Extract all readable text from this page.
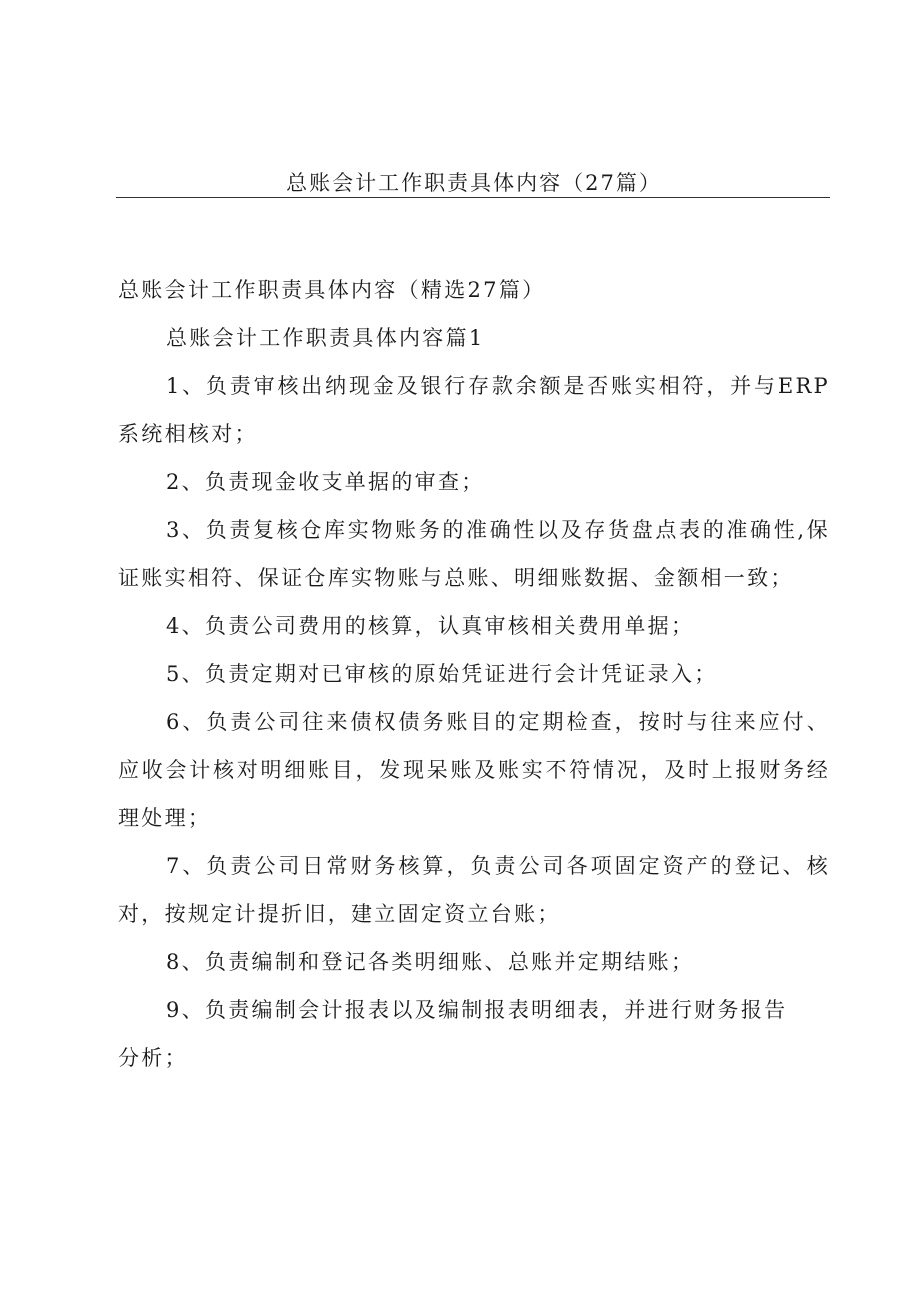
总账会计工作职责具体内容（27篇）

总账会计工作职责具体内容（精选27篇）

总账会计工作职责具体内容篇1

1、负责审核出纳现金及银行存款余额是否账实相符，并与ERP系统相核对；

2、负责现金收支单据的审查；

3、负责复核仓库实物账务的准确性以及存货盘点表的准确性,保证账实相符、保证仓库实物账与总账、明细账数据、金额相一致；

4、负责公司费用的核算，认真审核相关费用单据；

5、负责定期对已审核的原始凭证进行会计凭证录入；

6、负责公司往来债权债务账目的定期检查，按时与往来应付、应收会计核对明细账目，发现呆账及账实不符情况，及时上报财务经理处理；

7、负责公司日常财务核算，负责公司各项固定资产的登记、核对，按规定计提折旧，建立固定资立台账；

8、负责编制和登记各类明细账、总账并定期结账；

9、负责编制会计报表以及编制报表明细表，并进行财务报告

分析；
